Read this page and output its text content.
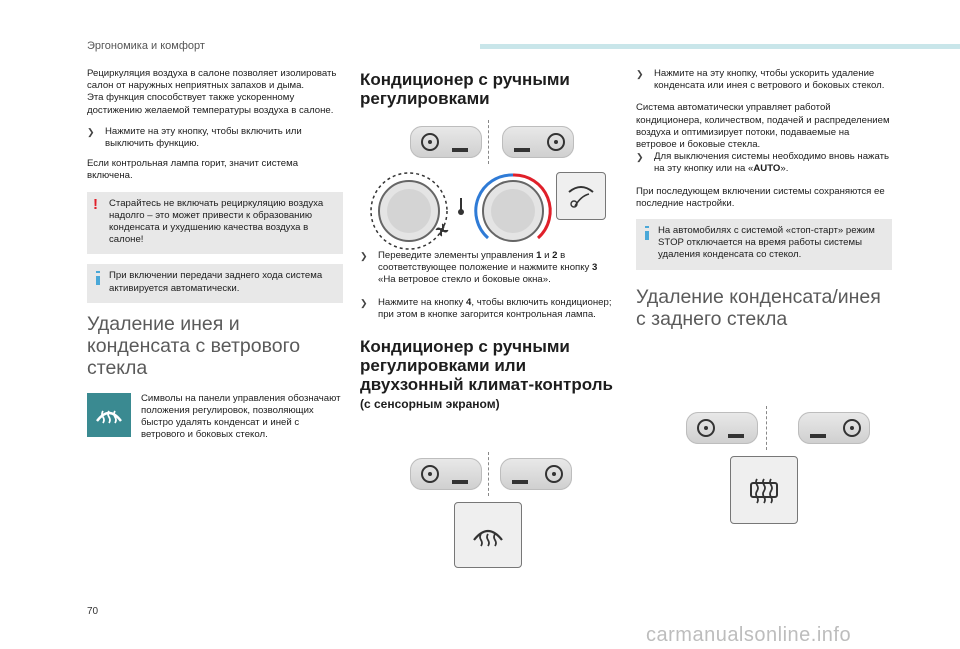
Эргономика и комфорт
Рециркуляция воздуха в салоне позволяет изолировать салон от наружных неприятных запахов и дыма.
Эта функция способствует также ускоренному достижению желаемой температуры воздуха в салоне.
❯ Нажмите на эту кнопку, чтобы включить или выключить функцию.
Если контрольная лампа горит, значит система включена.
! Старайтесь не включать рециркуляцию воздуха надолго – это может привести к образованию конденсата и ухудшению качества воздуха в салоне!
При включении передачи заднего хода система активируется автоматически.
Удаление инея и конденсата с ветрового стекла
Символы на панели управления обозначают положения регулировок, позволяющих быстро удалять конденсат и иней с ветрового и боковых стекол.
Кондиционер с ручными регулировками
❯ Переведите элементы управления 1 и 2 в соответствующее положение и нажмите кнопку 3 «На ветровое стекло и боковые окна».
❯ Нажмите на кнопку 4, чтобы включить кондиционер; при этом в кнопке загорится контрольная лампа.
Кондиционер с ручными регулировками или двухзонный климат-контроль
(с сенсорным экраном)
❯ Нажмите на эту кнопку, чтобы ускорить удаление конденсата или инея с ветрового и боковых стекол.
Система автоматически управляет работой кондиционера, количеством, подачей и распределением воздуха и оптимизирует потоки, подаваемые на ветровое и боковые стекла.
❯ Для выключения системы необходимо вновь нажать на эту кнопку или на «AUTO».
При последующем включении системы сохраняются ее последние настройки.
На автомобилях с системой «стоп-старт» режим STOP отключается на время работы системы удаления конденсата со стекол.
Удаление конденсата/инея с заднего стекла
70
carmanualsonline.info
